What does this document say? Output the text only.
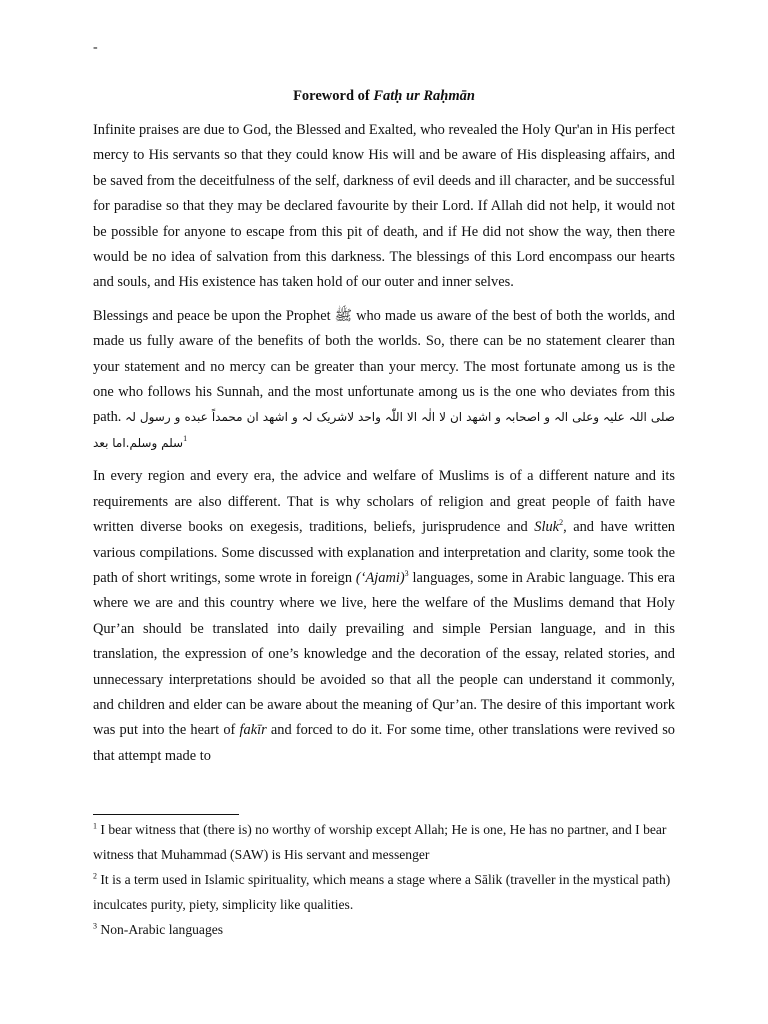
-
Foreword of Fatḥ ur Raḥmān

Infinite praises are due to God, the Blessed and Exalted, who revealed the Holy Qur'an in His perfect mercy to His servants so that they could know His will and be aware of His displeasing affairs, and be saved from the deceitfulness of the self, darkness of evil deeds and ill character, and be successful for paradise so that they may be declared favourite by their Lord. If Allah did not help, it would not be possible for anyone to escape from this pit of death, and if He did not show the way, then there would be no idea of salvation from this darkness. The blessings of this Lord encompass our hearts and souls, and His existence has taken hold of our outer and inner selves.

Blessings and peace be upon the Prophet ﷺ who made us aware of the best of both the worlds, and made us fully aware of the benefits of both the worlds. So, there can be no statement clearer than your statement and no mercy can be greater than your mercy. The most fortunate among us is the one who follows his Sunnah, and the most unfortunate among us is the one who deviates from this path. اشهد ان لا الٰہ الا اللّٰہ واحد لاشریک لہ و اشهد ان محمداً عبده و رسول لہ صلی اللہ علیہ وعلی الہ و اصحابہ و سلم وسلم.اما بعد$^1$

In every region and every era, the advice and welfare of Muslims is of a different nature and its requirements are also different. That is why scholars of religion and great people of faith have written diverse books on exegesis, traditions, beliefs, jurisprudence and Sluk$^2$, and have written various compilations. Some discussed with explanation and interpretation and clarity, some took the path of short writings, some wrote in foreign (‘Ajami)$^3$ languages, some in Arabic language. This era where we are and this country where we live, here the welfare of the Muslims demand that Holy Qur’an should be translated into daily prevailing and simple Persian language, and in this translation, the expression of one’s knowledge and the decoration of the essay, related stories, and unnecessary interpretations should be avoided so that all the people can understand it commonly, and children and elder can be aware about the meaning of Qur’an. The desire of this important work was put into the heart of fakīr and forced to do it. For some time, other translations were revived so that attempt made to

$^1$ I bear witness that (there is) no worthy of worship except Allah; He is one, He has no partner, and I bear witness that Muhammad (SAW) is His servant and messenger
$^2$ It is a term used in Islamic spirituality, which means a stage where a Sālik (traveller in the mystical path) inculcates purity, piety, simplicity like qualities.
$^3$ Non-Arabic languages
